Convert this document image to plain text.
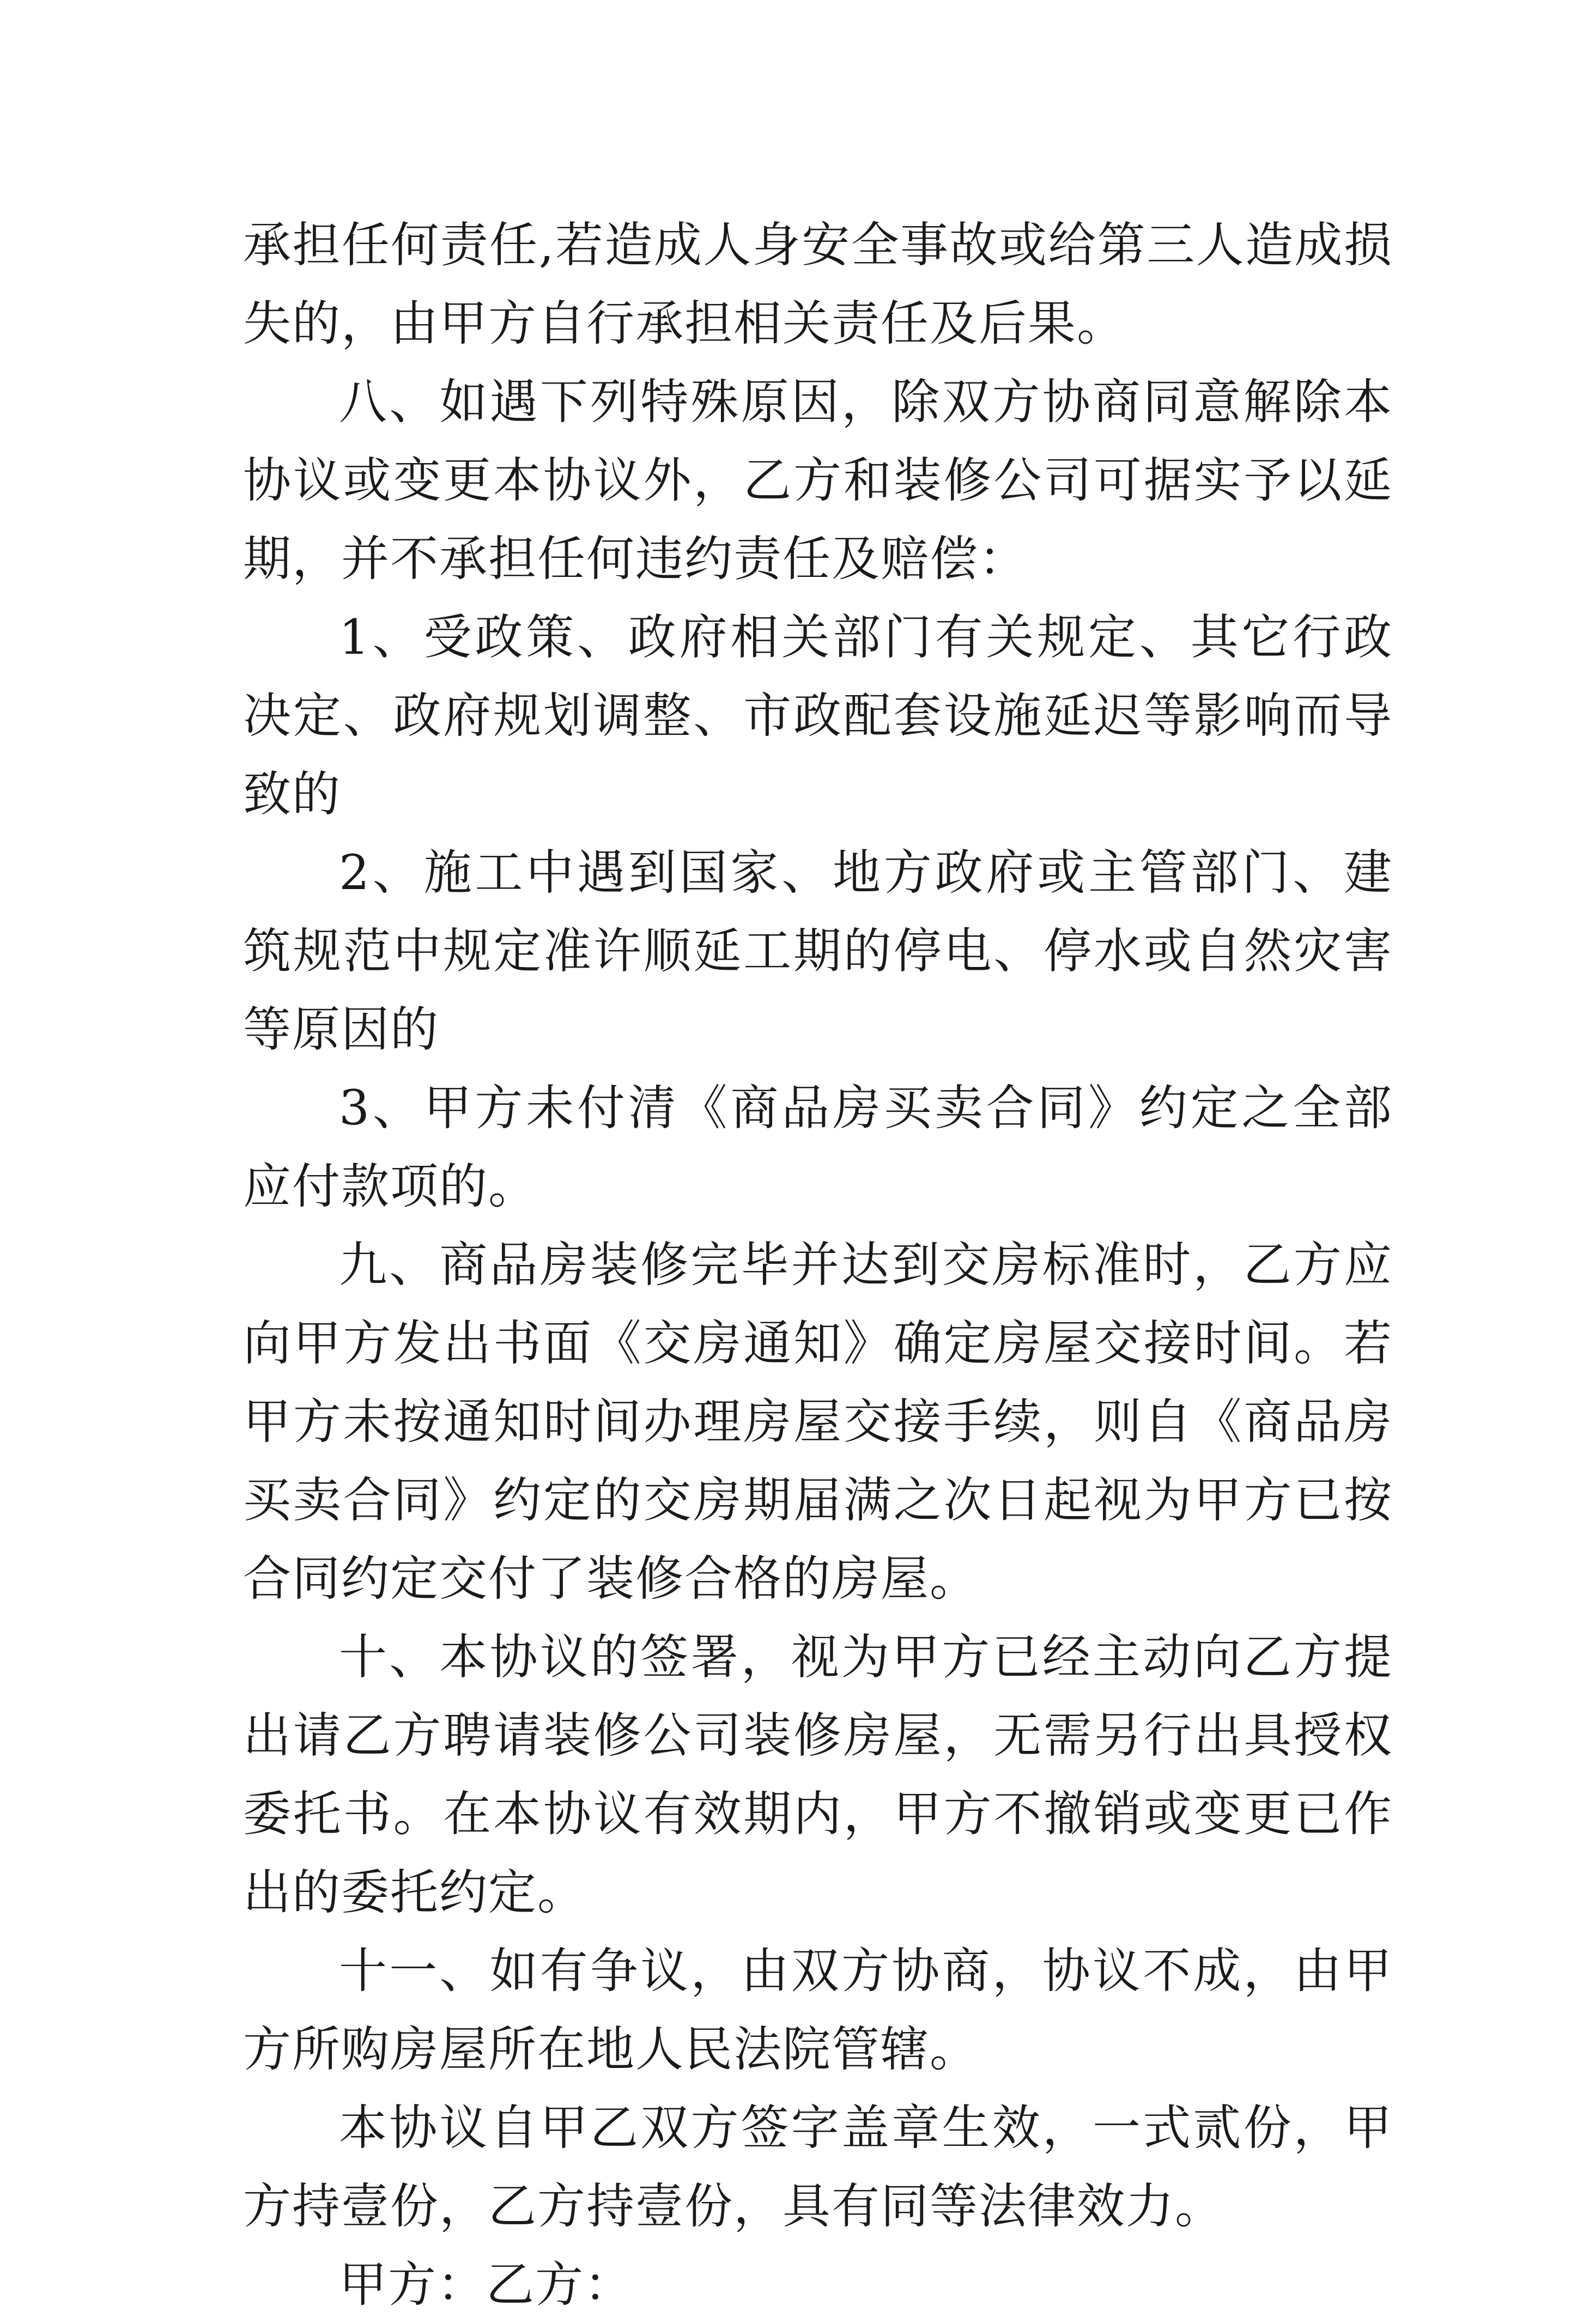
承担任何责任,若造成人身安全事故或给第三人造成损失的，由甲方自行承担相关责任及后果。

八、如遇下列特殊原因，除双方协商同意解除本协议或变更本协议外，乙方和装修公司可据实予以延期，并不承担任何违约责任及赔偿：

1、受政策、政府相关部门有关规定、其它行政决定、政府规划调整、市政配套设施延迟等影响而导致的

2、施工中遇到国家、地方政府或主管部门、建筑规范中规定准许顺延工期的停电、停水或自然灾害等原因的

3、甲方未付清《商品房买卖合同》约定之全部应付款项的。

九、商品房装修完毕并达到交房标准时，乙方应向甲方发出书面《交房通知》确定房屋交接时间。若甲方未按通知时间办理房屋交接手续，则自《商品房买卖合同》约定的交房期届满之次日起视为甲方已按合同约定交付了装修合格的房屋。

十、本协议的签署，视为甲方已经主动向乙方提出请乙方聘请装修公司装修房屋，无需另行出具授权委托书。在本协议有效期内，甲方不撤销或变更已作出的委托约定。

十一、如有争议，由双方协商，协议不成，由甲方所购房屋所在地人民法院管辖。

本协议自甲乙双方签字盖章生效，一式贰份，甲方持壹份，乙方持壹份，具有同等法律效力。

甲方：乙方：
